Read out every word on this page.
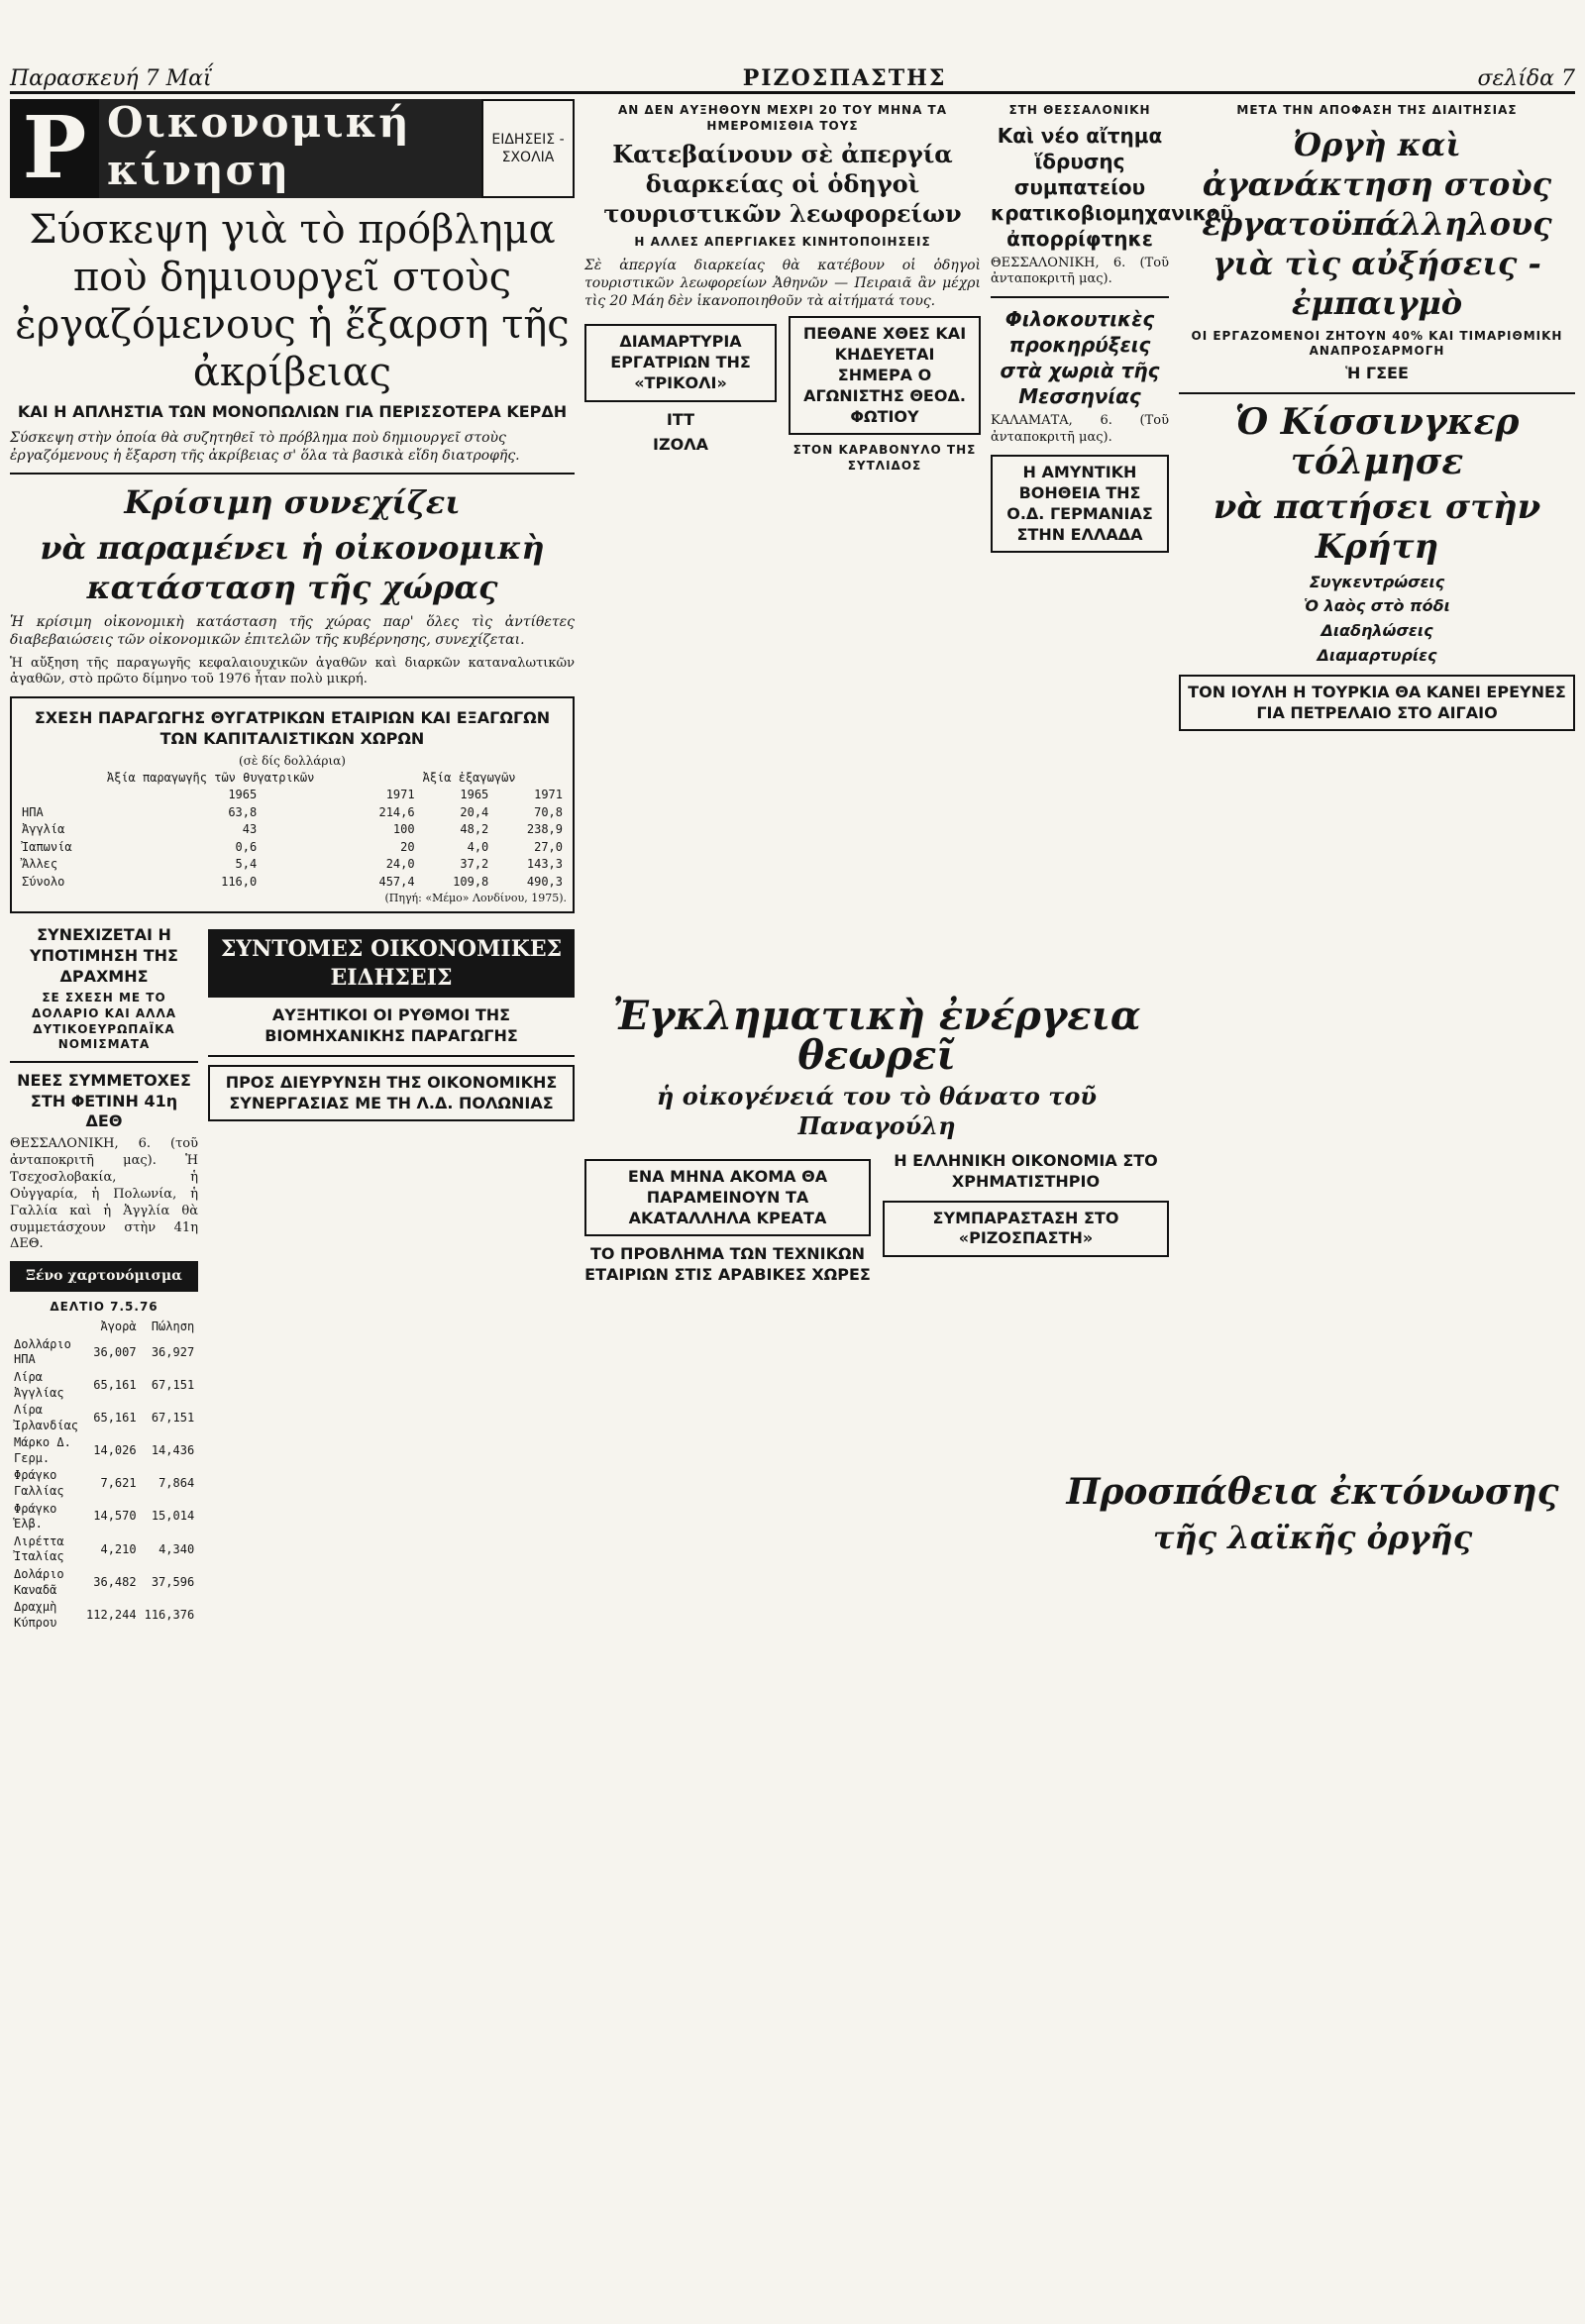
Παρασκευή 7 Μαΐ	ΡΙΖΟΣΠΑΣΤΗΣ	σελίδα 7
Ρ Οικονομική κίνηση
ΕΙΔΗΣΕΙΣ - ΣΧΟΛΙΑ
Σύσκεψη γιὰ τὸ πρόβλημα ποὺ δημιουργεῖ στοὺς ἐργαζόμενους ἡ ἔξαρση τῆς ἀκρίβειας
ΚΑΙ Η ΑΠΛΗΣΤΙΑ ΤΩΝ ΜΟΝΟΠΩΛΙΩΝ ΓΙΑ ΠΕΡΙΣΣΟΤΕΡΑ ΚΕΡΔΗ
Σύσκεψη στὴν ὁποία θὰ συζητηθεῖ τὸ πρόβλημα ποὺ δημιουργεῖ στοὺς ἐργαζόμενους ἡ ἔξαρση τῆς ἀκρίβειας σ' ὅλα τὰ βασικὰ εἴδη διατροφῆς.
Κρίσιμη συνεχίζει
νὰ παραμένει ἡ οἰκονομικὴ κατάσταση τῆς χώρας

Ἡ κρίσιμη οἰκονομικὴ κατάσταση τῆς χώρας παρ' ὅλες τὶς ἀντίθετες διαβεβαιώσεις τῶν οἰκονομικῶν ἐπιτελῶν τῆς κυβέρνησης, συνεχίζεται.

Ἡ αὔξηση τῆς παραγωγῆς κεφαλαιουχικῶν ἀγαθῶν καὶ διαρκῶν καταναλωτικῶν ἀγαθῶν, στὸ πρῶτο δίμηνο τοῦ 1976 ἦταν πολὺ μικρή.

ΣΧΕΣΗ ΠΑΡΑΓΩΓΗΣ ΘΥΓΑΤΡΙΚΩΝ ΕΤΑΙΡΙΩΝ ΚΑΙ ΕΞΑΓΩΓΩΝ ΤΩΝ ΚΑΠΙΤΑΛΙΣΤΙΚΩΝ ΧΩΡΩΝ
(σὲ δίς δολλάρια)
	Ἀξία παραγωγῆς τῶν θυγατρικῶν		Ἀξία ἐξαγωγῶν	
	1965	1971	1965	1971
ΗΠΑ	63,8	214,6	20,4	70,8
Ἀγγλία	43	100	48,2	238,9
Ἰαπωνία	0,6	20	4,0	27,0
Ἄλλες	5,4	24,0	37,2	143,3
Σύνολο	116,0	457,4	109,8	490,3
(Πηγή: «Μέμο» Λονδίνου, 1975).
ΣΥΝΕΧΙΖΕΤΑΙ Η ΥΠΟΤΙΜΗΣΗ ΤΗΣ ΔΡΑΧΜΗΣ
ΣΕ ΣΧΕΣΗ ΜΕ ΤΟ ΔΟΛΑΡΙΟ ΚΑΙ ΑΛΛΑ ΔΥΤΙΚΟΕΥΡΩΠΑΪΚΑ ΝΟΜΙΣΜΑΤΑ
ΝΕΕΣ ΣΥΜΜΕΤΟΧΕΣ ΣΤΗ ΦΕΤΙΝΗ 41η ΔΕΘ

ΘΕΣΣΑΛΟΝΙΚΗ, 6. (τοῦ ἀνταποκριτῆ μας). Ἡ Τσεχοσλοβακία, ἡ Οὐγγαρία, ἡ Πολωνία, ἡ Γαλλία καὶ ἡ Ἀγγλία θὰ συμμετάσχουν στὴν 41η ΔΕΘ.

Ξένο χαρτονόμισμα
ΔΕΛΤΙΟ 7.5.76
	Ἀγορὰ	Πώληση
Δολλάριο ΗΠΑ	36,007	36,927
Λίρα Ἀγγλίας	65,161	67,151
Λίρα Ἰρλανδίας	65,161	67,151
Μάρκο Δ. Γερμ.	14,026	14,436
Φράγκο Γαλλίας	7,621	7,864
Φράγκο Ἑλβ.	14,570	15,014
Λιρέττα Ἰταλίας	4,210	4,340
Δολάριο Καναδᾶ	36,482	37,596
Δραχμὴ Κύπρου	112,244	116,376
ΣΥΝΤΟΜΕΣ ΟΙΚΟΝΟΜΙΚΕΣ ΕΙΔΗΣΕΙΣ
ΑΥΞΗΤΙΚΟΙ ΟΙ ΡΥΘΜΟΙ ΤΗΣ ΒΙΟΜΗΧΑΝΙΚΗΣ ΠΑΡΑΓΩΓΗΣ
ΠΡΟΣ ΔΙΕΥΡΥΝΣΗ ΤΗΣ ΟΙΚΟΝΟΜΙΚΗΣ ΣΥΝΕΡΓΑΣΙΑΣ ΜΕ ΤΗ Λ.Δ. ΠΟΛΩΝΙΑΣ
ΑΝ ΔΕΝ ΑΥΞΗΘΟΥΝ ΜΕΧΡΙ 20 ΤΟΥ ΜΗΝΑ ΤΑ ΗΜΕΡΟΜΙΣΘΙΑ ΤΟΥΣ
Κατεβαίνουν σὲ ἀπεργία διαρκείας οἱ ὁδηγοὶ τουριστικῶν λεωφορείων
Η ΑΛΛΕΣ ΑΠΕΡΓΙΑΚΕΣ ΚΙΝΗΤΟΠΟΙΗΣΕΙΣ

Σὲ ἀπεργία διαρκείας θὰ κατέβουν οἱ ὁδηγοὶ τουριστικῶν λεωφορείων Ἀθηνῶν — Πειραιᾶ ἂν μέχρι τὶς 20 Μάη δὲν ἱκανοποιηθοῦν τὰ αἰτήματά τους.

ΔΙΑΜΑΡΤΥΡΙΑ ΕΡΓΑΤΡΙΩΝ ΤΗΣ «ΤΡΙΚΟΛΙ»
ITT
ΙΖΟΛΑ
ΠΕΘΑΝΕ ΧΘΕΣ ΚΑΙ ΚΗΔΕΥΕΤΑΙ ΣΗΜΕΡΑ Ο ΑΓΩΝΙΣΤΗΣ ΘΕΟΔ. ΦΩΤΙΟΥ
ΣΤΟΝ ΚΑΡΑΒΟΝΥΛΟ ΤΗΣ ΣΥΤΛΙΔΟΣ
ΣΤΗ ΘΕΣΣΑΛΟΝΙΚΗ
Καὶ νέο αἴτημα ἵδρυσης συμπατείου κρατικοβιομηχανικοῦ ἀπορρίφτηκε

ΘΕΣΣΑΛΟΝΙΚΗ, 6. (Τοῦ ἀνταποκριτῆ μας).

Φιλοκουτικὲς προκηρύξεις στὰ χωριὰ τῆς Μεσσηνίας

ΚΑΛΑΜΑΤΑ, 6. (Τοῦ ἀνταποκριτῆ μας).

Η ΑΜΥΝΤΙΚΗ ΒΟΗΘΕΙΑ ΤΗΣ Ο.Δ. ΓΕΡΜΑΝΙΑΣ ΣΤΗΝ ΕΛΛΑΔΑ
Ἐγκληματικὴ ἐνέργεια θεωρεῖ
ἡ οἰκογένειά του τὸ θάνατο τοῦ Παναγούλη
ΕΝΑ ΜΗΝΑ ΑΚΟΜΑ ΘΑ ΠΑΡΑΜΕΙΝΟΥΝ ΤΑ ΑΚΑΤΑΛΛΗΛΑ ΚΡΕΑΤΑ
ΤΟ ΠΡΟΒΛΗΜΑ ΤΩΝ ΤΕΧΝΙΚΩΝ ΕΤΑΙΡΙΩΝ ΣΤΙΣ ΑΡΑΒΙΚΕΣ ΧΩΡΕΣ
Η ΕΛΛΗΝΙΚΗ ΟΙΚΟΝΟΜΙΑ ΣΤΟ ΧΡΗΜΑΤΙΣΤΗΡΙΟ
ΣΥΜΠΑΡΑΣΤΑΣΗ ΣΤΟ «ΡΙΖΟΣΠΑΣΤΗ»
Προσπάθεια ἐκτόνωσης
τῆς λαϊκῆς ὀργῆς
ΜΕΤΑ ΤΗΝ ΑΠΟΦΑΣΗ ΤΗΣ ΔΙΑΙΤΗΣΙΑΣ
Ὀργὴ καὶ ἀγανάκτηση στοὺς ἐργατοϋπάλληλους γιὰ τὶς αὐξήσεις - ἐμπαιγμὸ
ΟΙ ΕΡΓΑΖΟΜΕΝΟΙ ΖΗΤΟΥΝ 40% ΚΑΙ ΤΙΜΑΡΙΘΜΙΚΗ ΑΝΑΠΡΟΣΑΡΜΟΓΗ
Ἡ ΓΣΕΕ
Ὁ Κίσσινγκερ τόλμησε
νὰ πατήσει στὴν Κρήτη
Συγκεντρώσεις
Ὁ λαὸς στὸ πόδι
Διαδηλώσεις
Διαμαρτυρίες
ΤΟΝ ΙΟΥΛΗ Η ΤΟΥΡΚΙΑ ΘΑ ΚΑΝΕΙ ΕΡΕΥΝΕΣ ΓΙΑ ΠΕΤΡΕΛΑΙΟ ΣΤΟ ΑΙΓΑΙΟ
